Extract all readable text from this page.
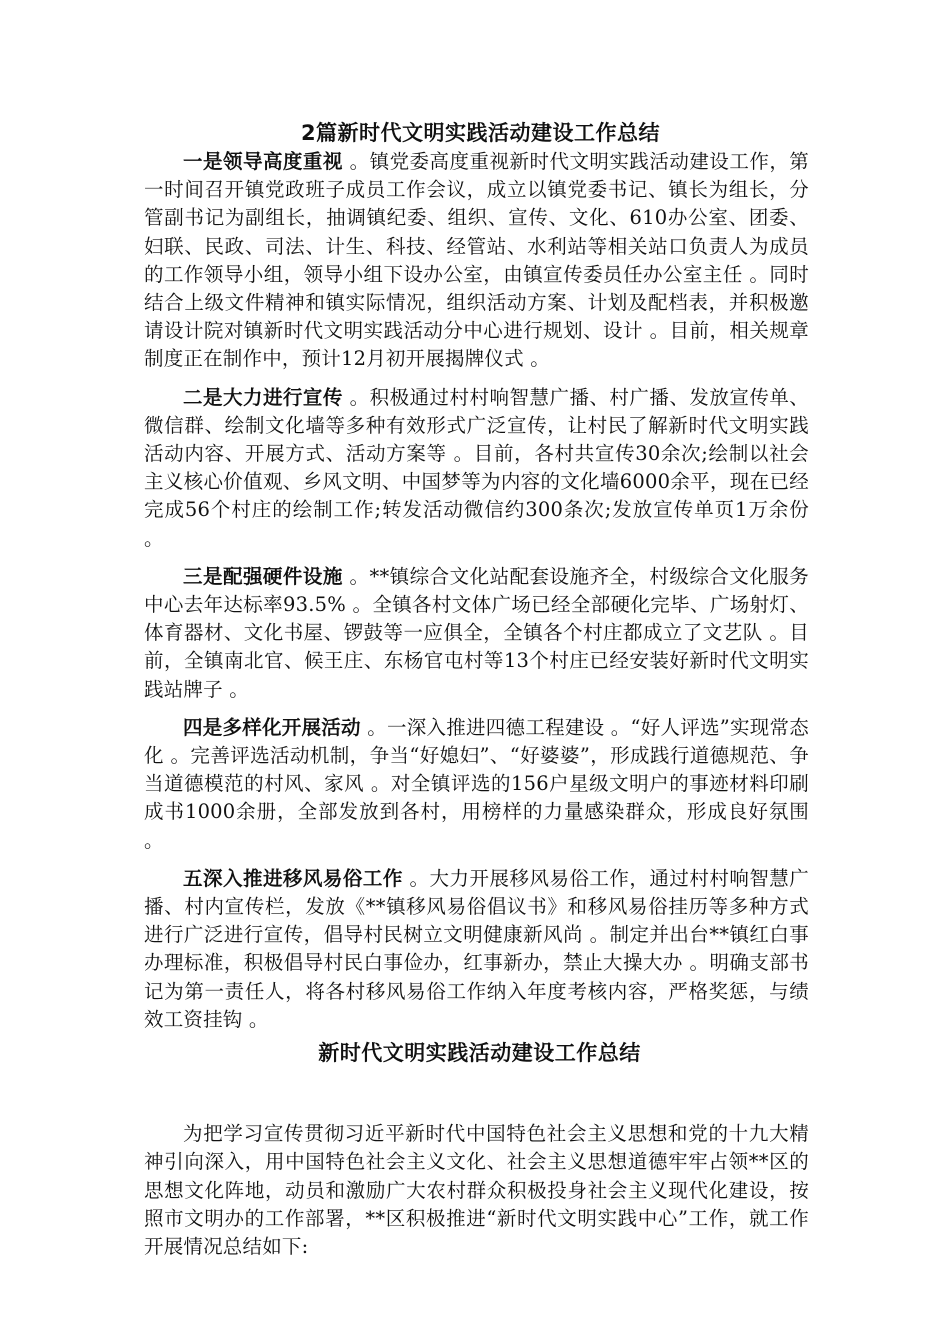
2篇新时代文明实践活动建设工作总结

一是领导高度重视 。镇党委高度重视新时代文明实践活动建设工作，第一时间召开镇党政班子成员工作会议，成立以镇党委书记、镇长为组长，分管副书记为副组长，抽调镇纪委、组织、宣传、文化、610办公室、团委、妇联、民政、司法、计生、科技、经管站、水利站等相关站口负责人为成员的工作领导小组，领导小组下设办公室，由镇宣传委员任办公室主任 。同时结合上级文件精神和镇实际情况，组织活动方案、计划及配档表，并积极邀请设计院对镇新时代文明实践活动分中心进行规划、设计 。目前，相关规章制度正在制作中，预计12月初开展揭牌仪式 。

二是大力进行宣传 。积极通过村村响智慧广播、村广播、发放宣传单、微信群、绘制文化墙等多种有效形式广泛宣传，让村民了解新时代文明实践活动内容、开展方式、活动方案等 。目前，各村共宣传30余次;绘制以社会主义核心价值观、乡风文明、中国梦等为内容的文化墙6000余平，现在已经完成56个村庄的绘制工作;转发活动微信约300条次;发放宣传单页1万余份 。

三是配强硬件设施 。**镇综合文化站配套设施齐全，村级综合文化服务中心去年达标率93.5% 。全镇各村文体广场已经全部硬化完毕、广场射灯、体育器材、文化书屋、锣鼓等一应俱全，全镇各个村庄都成立了文艺队 。目前，全镇南北官、候王庄、东杨官屯村等13个村庄已经安装好新时代文明实践站牌子 。

四是多样化开展活动 。一深入推进四德工程建设 。“好人评选”实现常态化 。完善评选活动机制，争当“好媳妇”、“好婆婆”，形成践行道德规范、争当道德模范的村风、家风 。对全镇评选的156户星级文明户的事迹材料印刷成书1000余册，全部发放到各村，用榜样的力量感染群众，形成良好氛围 。

五深入推进移风易俗工作 。大力开展移风易俗工作，通过村村响智慧广播、村内宣传栏，发放《**镇移风易俗倡议书》和移风易俗挂历等多种方式进行广泛进行宣传，倡导村民树立文明健康新风尚 。制定并出台**镇红白事办理标准，积极倡导村民白事俭办，红事新办，禁止大操大办 。明确支部书记为第一责任人，将各村移风易俗工作纳入年度考核内容，严格奖惩，与绩效工资挂钩 。

新时代文明实践活动建设工作总结

为把学习宣传贯彻习近平新时代中国特色社会主义思想和党的十九大精神引向深入，用中国特色社会主义文化、社会主义思想道德牢牢占领**区的思想文化阵地，动员和激励广大农村群众积极投身社会主义现代化建设，按照市文明办的工作部署，**区积极推进“新时代文明实践中心”工作，就工作开展情况总结如下:
